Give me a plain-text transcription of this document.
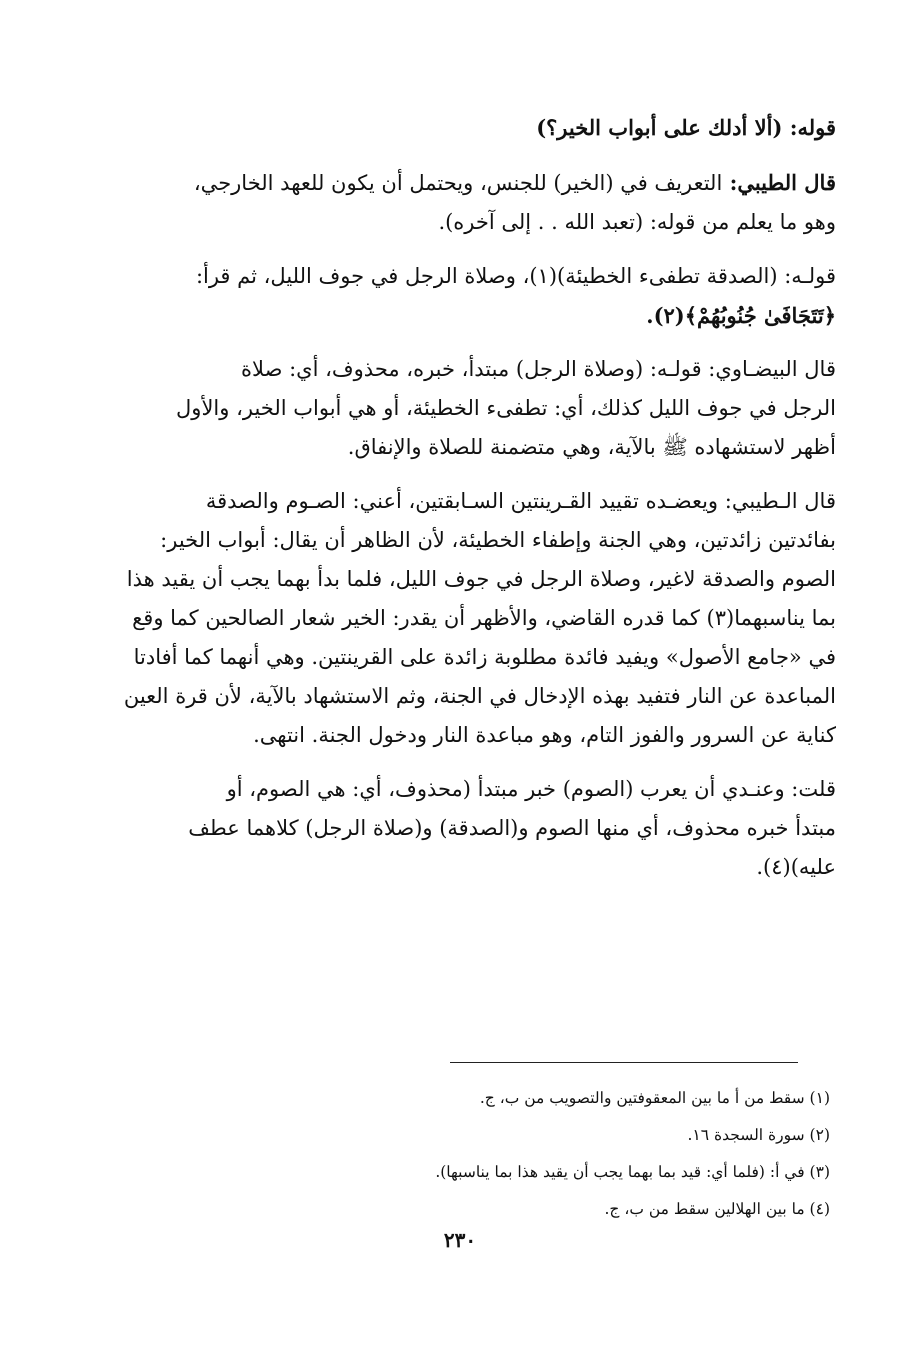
قوله: (ألا أدلك على أبواب الخير؟)
قال الطيبي: التعريف في (الخير) للجنس، ويحتمل أن يكون للعهد الخارجي،
وهو ما يعلم من قوله: (تعبد الله . . إلى آخره).
قولـه: (الصدقة تطفىء الخطيئة)(١)، وصلاة الرجل في جوف الليل، ثم قرأ:
﴿تَتَجَافَىٰ جُنُوبُهُمْ﴾(٢).
قال البيضـاوي: قولـه: (وصلاة الرجل) مبتدأ، خبره، محذوف، أي: صلاة
الرجل في جوف الليل كذلك، أي: تطفىء الخطيئة، أو هي أبواب الخير، والأول
أظهر لاستشهاده ﷺ بالآية، وهي متضمنة للصلاة والإنفاق.
قال الـطيبي: ويعضـده تقييد القـرينتين السـابقتين، أعني: الصـوم والصدقة
بفائدتين زائدتين، وهي الجنة وإطفاء الخطيئة، لأن الظاهر أن يقال: أبواب الخير:
الصوم والصدقة لاغير، وصلاة الرجل في جوف الليل، فلما بدأ بهما يجب أن يقيد هذا
بما يناسبهما(٣) كما قدره القاضي، والأظهر أن يقدر: الخير شعار الصالحين كما وقع
في «جامع الأصول» ويفيد فائدة مطلوبة زائدة على القرينتين. وهي أنهما كما أفادتا
المباعدة عن النار فتفيد بهذه الإدخال في الجنة، وثم الاستشهاد بالآية، لأن قرة العين
كناية عن السرور والفوز التام، وهو مباعدة النار ودخول الجنة. انتهى.
قلت: وعنـدي أن يعرب (الصوم) خبر مبتدأ (محذوف، أي: هي الصوم، أو
مبتدأ خبره محذوف، أي منها الصوم و(الصدقة) و(صلاة الرجل) كلاهما عطف
عليه)(٤).
(١) سقط من أ ما بين المعقوفتين والتصويب من ب، ج.
(٢) سورة السجدة ١٦.
(٣) في أ: (فلما أي: قيد بما بهما يجب أن يقيد هذا بما يناسبها).
(٤) ما بين الهلالين سقط من ب، ج.
٢٣٠
